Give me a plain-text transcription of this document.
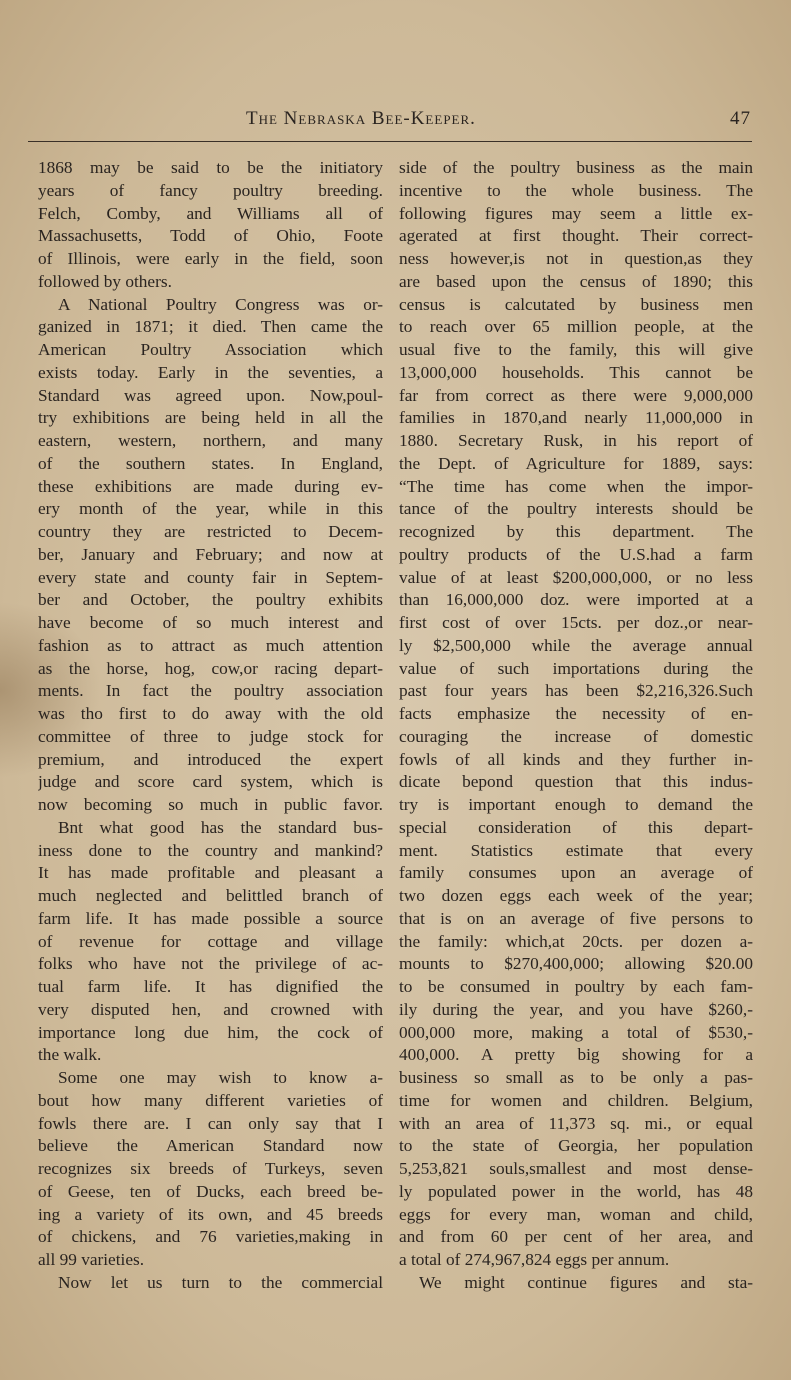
The Nebraska Bee-Keeper.	47
1868 may be said to be the initiatory
years of fancy poultry breeding.
Felch, Comby, and Williams all of
Massachusetts, Todd of Ohio, Foote
of Illinois, were early in the field, soon
followed by others.
A National Poultry Congress was or-
ganized in 1871; it died. Then came the
American Poultry Association which
exists today. Early in the seventies, a
Standard was agreed upon. Now,poul-
try exhibitions are being held in all the
eastern, western, northern, and many
of the southern states. In England,
these exhibitions are made during ev-
ery month of the year, while in this
country they are restricted to Decem-
ber, January and February; and now at
every state and county fair in Septem-
ber and October, the poultry exhibits
have become of so much interest and
fashion as to attract as much attention
as the horse, hog, cow,or racing depart-
ments. In fact the poultry association
was tho first to do away with the old
committee of three to judge stock for
premium, and introduced the expert
judge and score card system, which is
now becoming so much in public favor.
Bnt what good has the standard bus-
iness done to the country and mankind?
It has made profitable and pleasant a
much neglected and belittled branch of
farm life. It has made possible a source
of revenue for cottage and village
folks who have not the privilege of ac-
tual farm life. It has dignified the
very disputed hen, and crowned with
importance long due him, the cock of
the walk.
Some one may wish to know a-
bout how many different varieties of
fowls there are. I can only say that I
believe the American Standard now
recognizes six breeds of Turkeys, seven
of Geese, ten of Ducks, each breed be-
ing a variety of its own, and 45 breeds
of chickens, and 76 varieties,making in
all 99 varieties.
Now let us turn to the commercial
side of the poultry business as the main
incentive to the whole business. The
following figures may seem a little ex-
agerated at first thought. Their correct-
ness however,is not in question,as they
are based upon the census of 1890; this
census is calcutated by business men
to reach over 65 million people, at the
usual five to the family, this will give
13,000,000 households. This cannot be
far from correct as there were 9,000,000
families in 1870,and nearly 11,000,000 in
1880. Secretary Rusk, in his report of
the Dept. of Agriculture for 1889, says:
“The time has come when the impor-
tance of the poultry interests should be
recognized by this department. The
poultry products of the U.S.had a farm
value of at least $200,000,000, or no less
than 16,000,000 doz. were imported at a
first cost of over 15cts. per doz.,or near-
ly $2,500,000 while the average annual
value of such importations during the
past four years has been $2,216,326.Such
facts emphasize the necessity of en-
couraging the increase of domestic
fowls of all kinds and they further in-
dicate bepond question that this indus-
try is important enough to demand the
special consideration of this depart-
ment. Statistics estimate that every
family consumes upon an average of
two dozen eggs each week of the year;
that is on an average of five persons to
the family: which,at 20cts. per dozen a-
mounts to $270,400,000; allowing $20.00
to be consumed in poultry by each fam-
ily during the year, and you have $260,-
000,000 more, making a total of $530,-
400,000. A pretty big showing for a
business so small as to be only a pas-
time for women and children. Belgium,
with an area of 11,373 sq. mi., or equal
to the state of Georgia, her population
5,253,821 souls,smallest and most dense-
ly populated power in the world, has 48
eggs for every man, woman and child,
and from 60 per cent of her area, and
a total of 274,967,824 eggs per annum.
We might continue figures and sta-
